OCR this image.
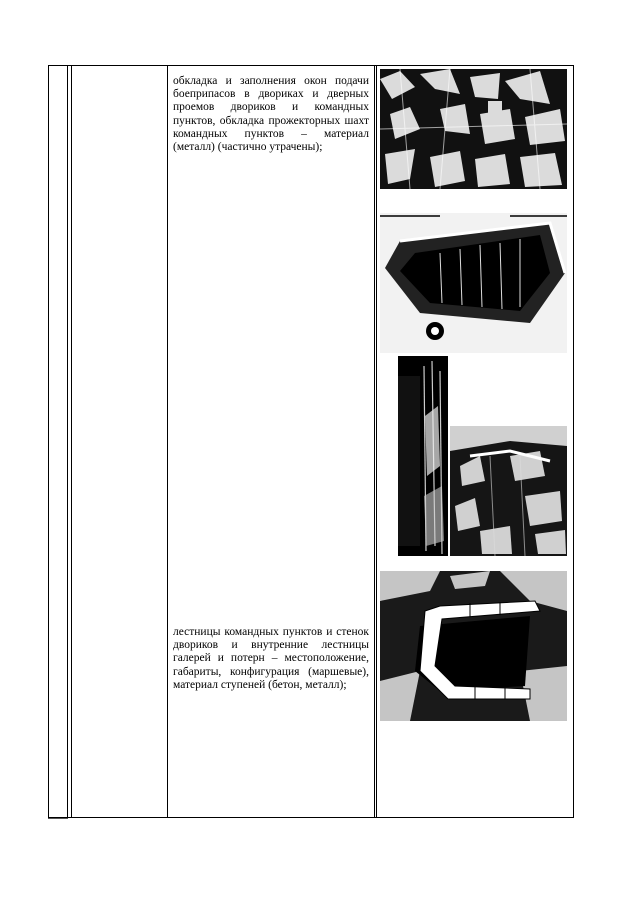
обкладка и заполнения окон подачи боеприпасов в двориках и дверных проемов двориков и командных пунктов, обкладка прожекторных шахт командных пунктов – материал (металл) (частично утрачены);

лестницы командных пунктов и стенок двориков и внутренние лестницы галерей и потерн – местоположение, габариты, конфигурация (маршевые), материал ступеней (бетон, металл);
